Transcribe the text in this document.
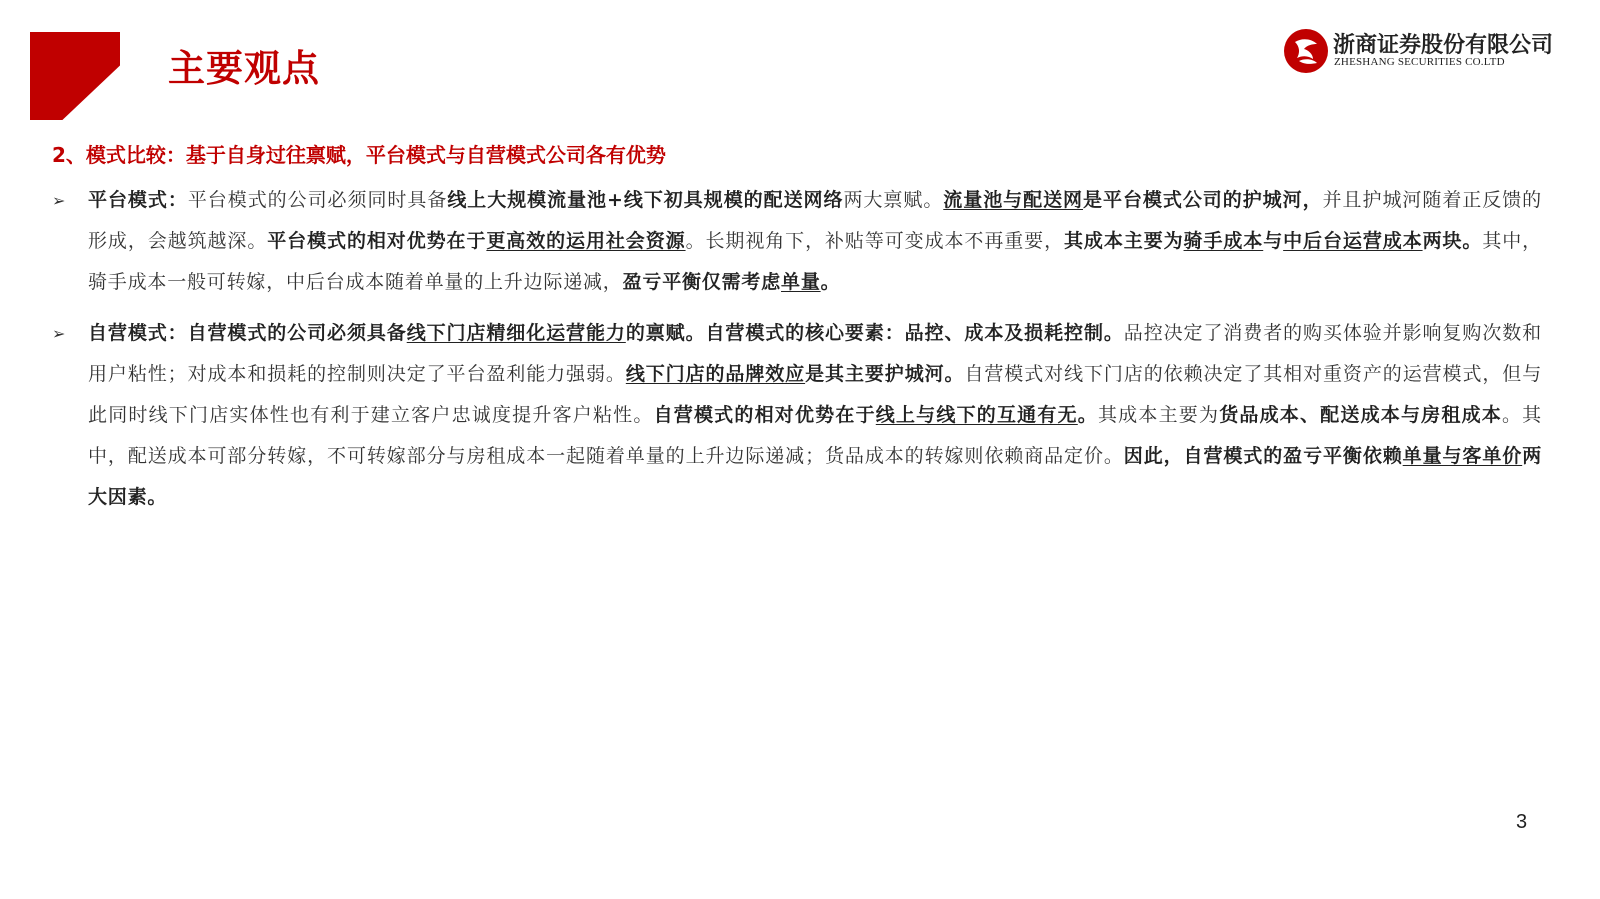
主要观点
浙商证券股份有限公司
ZHESHANG SECURITIES CO.LTD
2、模式比较：基于自身过往禀赋，平台模式与自营模式公司各有优势
➢ 平台模式：平台模式的公司必须同时具备线上大规模流量池+线下初具规模的配送网络两大禀赋。流量池与配送网是平台模式公司的护城河，并且护城河随着正反馈的形成，会越筑越深。平台模式的相对优势在于更高效的运用社会资源。长期视角下，补贴等可变成本不再重要，其成本主要为骑手成本与中后台运营成本两块。其中，骑手成本一般可转嫁，中后台成本随着单量的上升边际递减，盈亏平衡仅需考虑单量。
➢ 自营模式：自营模式的公司必须具备线下门店精细化运营能力的禀赋。自营模式的核心要素：品控、成本及损耗控制。品控决定了消费者的购买体验并影响复购次数和用户粘性；对成本和损耗的控制则决定了平台盈利能力强弱。线下门店的品牌效应是其主要护城河。自营模式对线下门店的依赖决定了其相对重资产的运营模式，但与此同时线下门店实体性也有利于建立客户忠诚度提升客户粘性。自营模式的相对优势在于线上与线下的互通有无。其成本主要为货品成本、配送成本与房租成本。其中，配送成本可部分转嫁，不可转嫁部分与房租成本一起随着单量的上升边际递减；货品成本的转嫁则依赖商品定价。因此，自营模式的盈亏平衡依赖单量与客单价两大因素。
3
